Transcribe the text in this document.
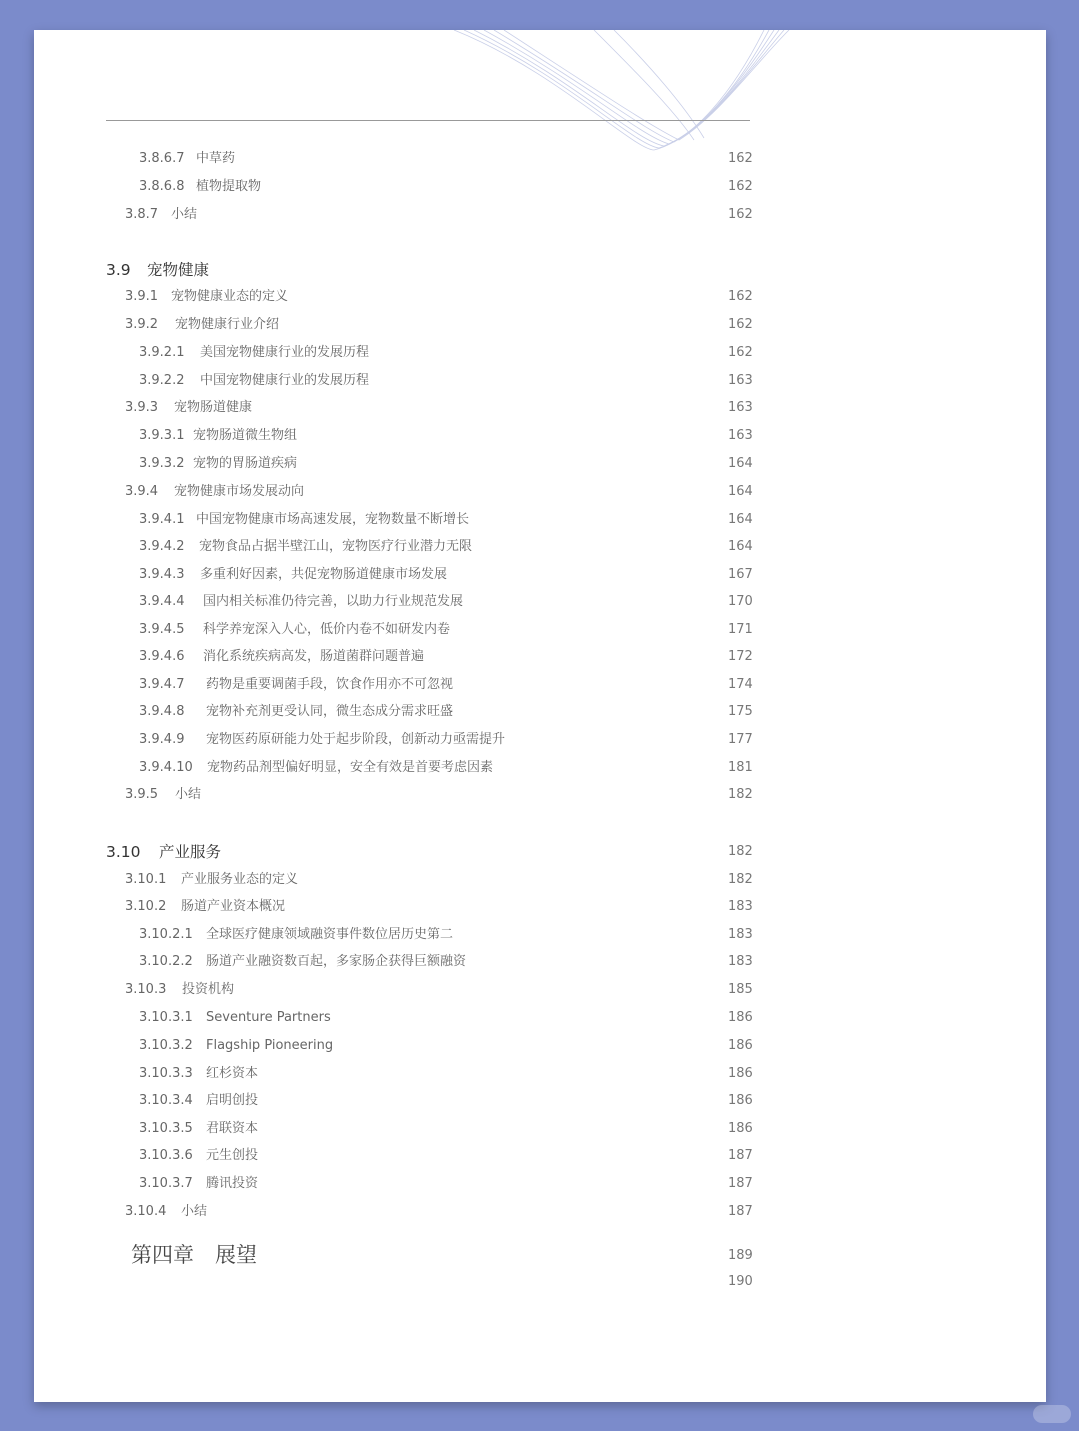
3.8.6.7 中草药	162
3.8.6.8 植物提取物	162
3.8.7 小结	162
3.9 宠物健康
3.9.1 宠物健康业态的定义	162
3.9.2 宠物健康行业介绍	162
3.9.2.1 美国宠物健康行业的发展历程	162
3.9.2.2 中国宠物健康行业的发展历程	163
3.9.3 宠物肠道健康	163
3.9.3.1 宠物肠道微生物组	163
3.9.3.2 宠物的胃肠道疾病	164
3.9.4 宠物健康市场发展动向	164
3.9.4.1 中国宠物健康市场高速发展，宠物数量不断增长	164
3.9.4.2 宠物食品占据半壁江山，宠物医疗行业潜力无限	164
3.9.4.3 多重利好因素，共促宠物肠道健康市场发展	167
3.9.4.4 国内相关标准仍待完善，以助力行业规范发展	170
3.9.4.5 科学养宠深入人心，低价内卷不如研发内卷	171
3.9.4.6 消化系统疾病高发，肠道菌群问题普遍	172
3.9.4.7 药物是重要调菌手段，饮食作用亦不可忽视	174
3.9.4.8 宠物补充剂更受认同，微生态成分需求旺盛	175
3.9.4.9 宠物医药原研能力处于起步阶段，创新动力亟需提升	177
3.9.4.10 宠物药品剂型偏好明显，安全有效是首要考虑因素	181
3.9.5 小结	182
3.10 产业服务	182
3.10.1 产业服务业态的定义	182
3.10.2 肠道产业资本概况	183
3.10.2.1 全球医疗健康领域融资事件数位居历史第二	183
3.10.2.2 肠道产业融资数百起，多家肠企获得巨额融资	183
3.10.3 投资机构	185
3.10.3.1 Seventure Partners	186
3.10.3.2 Flagship Pioneering	186
3.10.3.3 红杉资本	186
3.10.3.4 启明创投	186
3.10.3.5 君联资本	186
3.10.3.6 元生创投	187
3.10.3.7 腾讯投资	187
3.10.4 小结	187
第四章　展望	189
190
